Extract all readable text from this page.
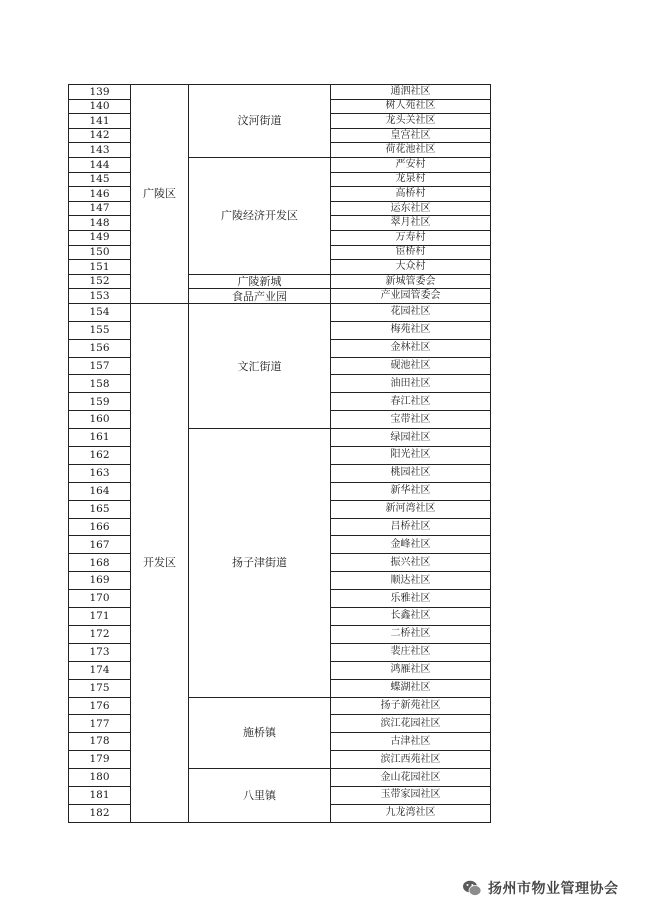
139	广陵区	汶河街道	通泗社区
140			树人苑社区
141			龙头关社区
142			皇宫社区
143			荷花池社区
144		广陵经济开发区	严安村
145			龙泉村
146			高桥村
147			运东社区
148			翠月社区
149			万寿村
150			宦桥村
151			大众村
152		广陵新城	新城管委会
153		食品产业园	产业园管委会
154	开发区	文汇街道	花园社区
155			梅苑社区
156			金林社区
157			砚池社区
158			油田社区
159			春江社区
160			宝带社区
161		扬子津街道	绿园社区
162			阳光社区
163			桃园社区
164			新华社区
165			新河湾社区
166			吕桥社区
167			金峰社区
168			振兴社区
169			顺达社区
170			乐雅社区
171			长鑫社区
172			二桥社区
173			裴庄社区
174			鸿雁社区
175			蝶湖社区
176		施桥镇	扬子新苑社区
177			滨江花园社区
178			古津社区
179			滨江西苑社区
180		八里镇	金山花园社区
181			玉带家园社区
182			九龙湾社区
扬州市物业管理协会
